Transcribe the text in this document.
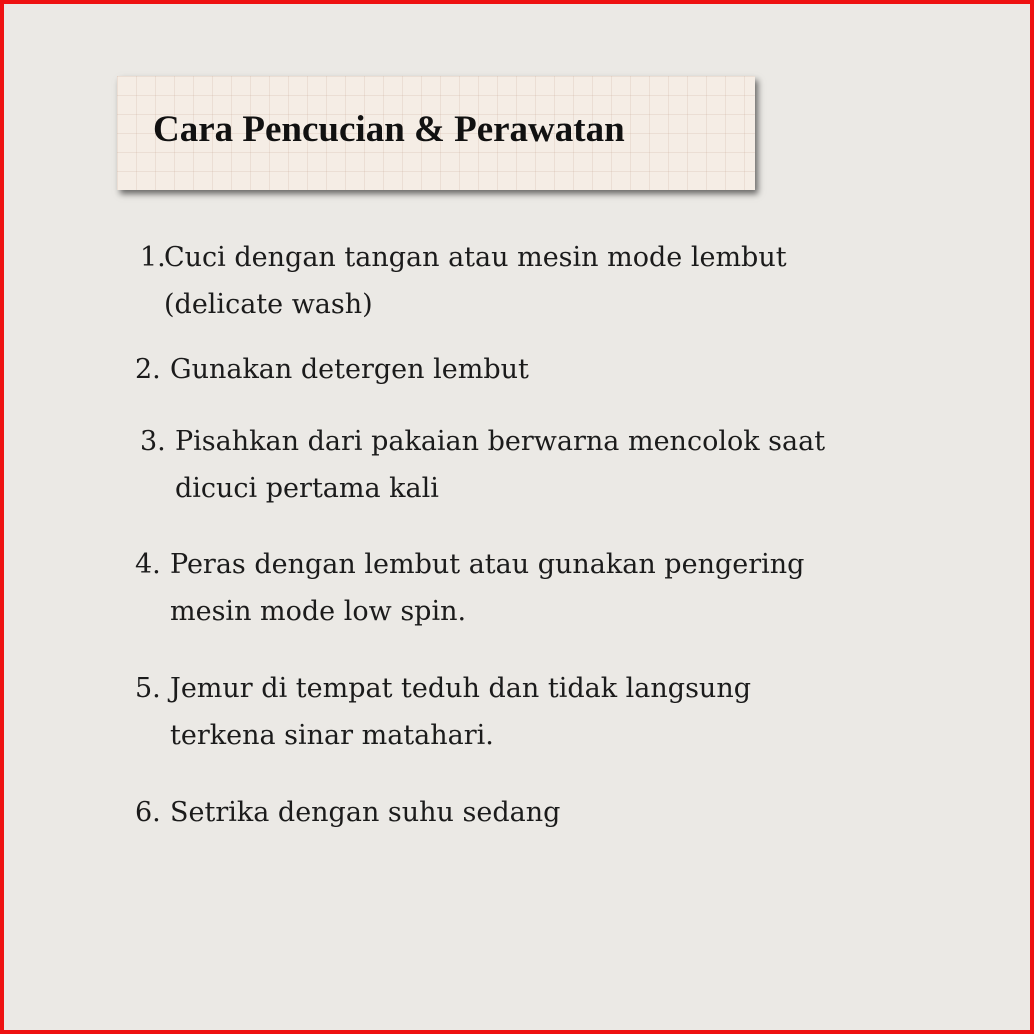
Cara Pencucian & Perawatan
1.
Cuci dengan tangan atau mesin mode lembut
(delicate wash)
2. Gunakan detergen lembut
3. Pisahkan dari pakaian berwarna mencolok saat
dicuci pertama kali
4. Peras dengan lembut atau gunakan pengering
mesin mode low spin.
5. Jemur di tempat teduh dan tidak langsung
terkena sinar matahari.
6. Setrika dengan suhu sedang
